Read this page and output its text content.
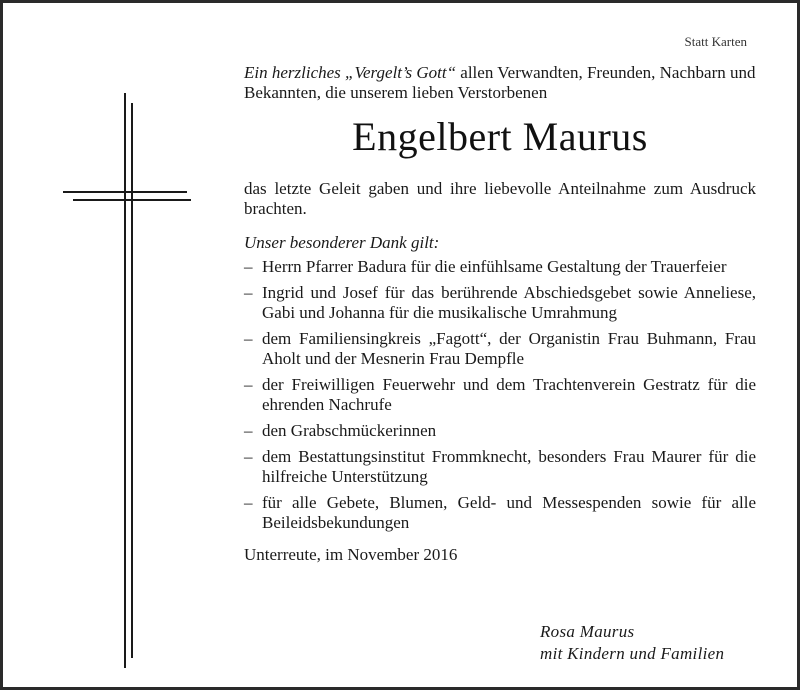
Statt Karten
Ein herzliches „Vergelt’s Gott“ allen Verwandten, Freunden, Nachbarn und Bekannten, die unserem lieben Verstorbenen
Engelbert Maurus
das letzte Geleit gaben und ihre liebevolle Anteilnahme zum Ausdruck brachten.
Unser besonderer Dank gilt:
– Herrn Pfarrer Badura für die einfühlsame Gestaltung der Trauerfeier
– Ingrid und Josef für das berührende Abschiedsgebet sowie Anneliese, Gabi und Johanna für die musikalische Umrahmung
– dem Familiensingkreis „Fagott“, der Organistin Frau Buhmann, Frau Aholt und der Mesnerin Frau Dempfle
– der Freiwilligen Feuerwehr und dem Trachtenverein Gestratz für die ehrenden Nachrufe
– den Grabschmückerinnen
– dem Bestattungsinstitut Frommknecht, besonders Frau Maurer für die hilfreiche Unterstützung
– für alle Gebete, Blumen, Geld- und Messespenden sowie für alle Beileidsbekundungen
Unterreute, im November 2016
Rosa Maurus
mit Kindern und Familien
